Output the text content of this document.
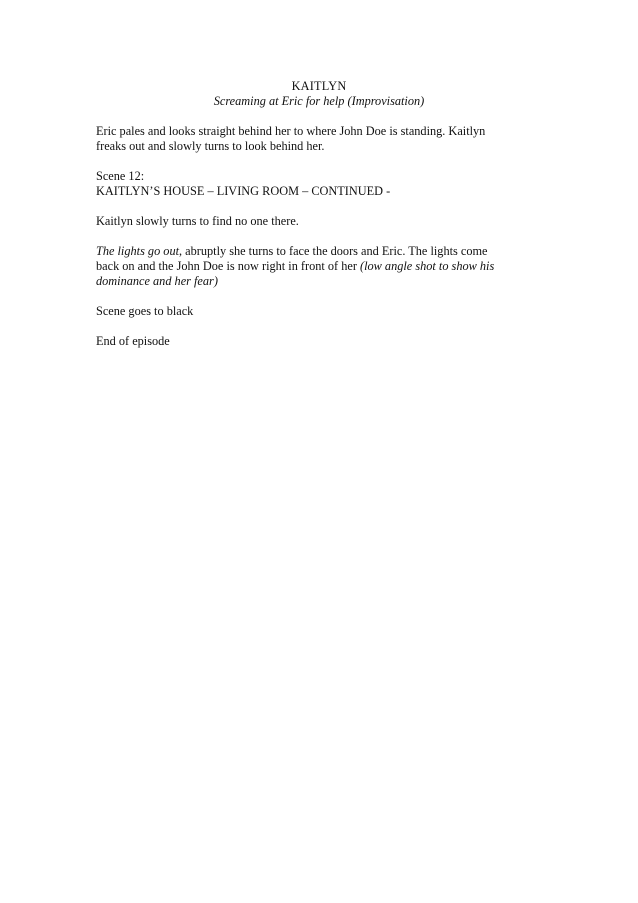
KAITLYN
Screaming at Eric for help (Improvisation)

Eric pales and looks straight behind her to where John Doe is standing. Kaitlyn
freaks out and slowly turns to look behind her.

Scene 12:
KAITLYN’S HOUSE – LIVING ROOM – CONTINUED -

Kaitlyn slowly turns to find no one there.

The lights go out, abruptly she turns to face the doors and Eric. The lights come
back on and the John Doe is now right in front of her (low angle shot to show his
dominance and her fear)

Scene goes to black

End of episode
